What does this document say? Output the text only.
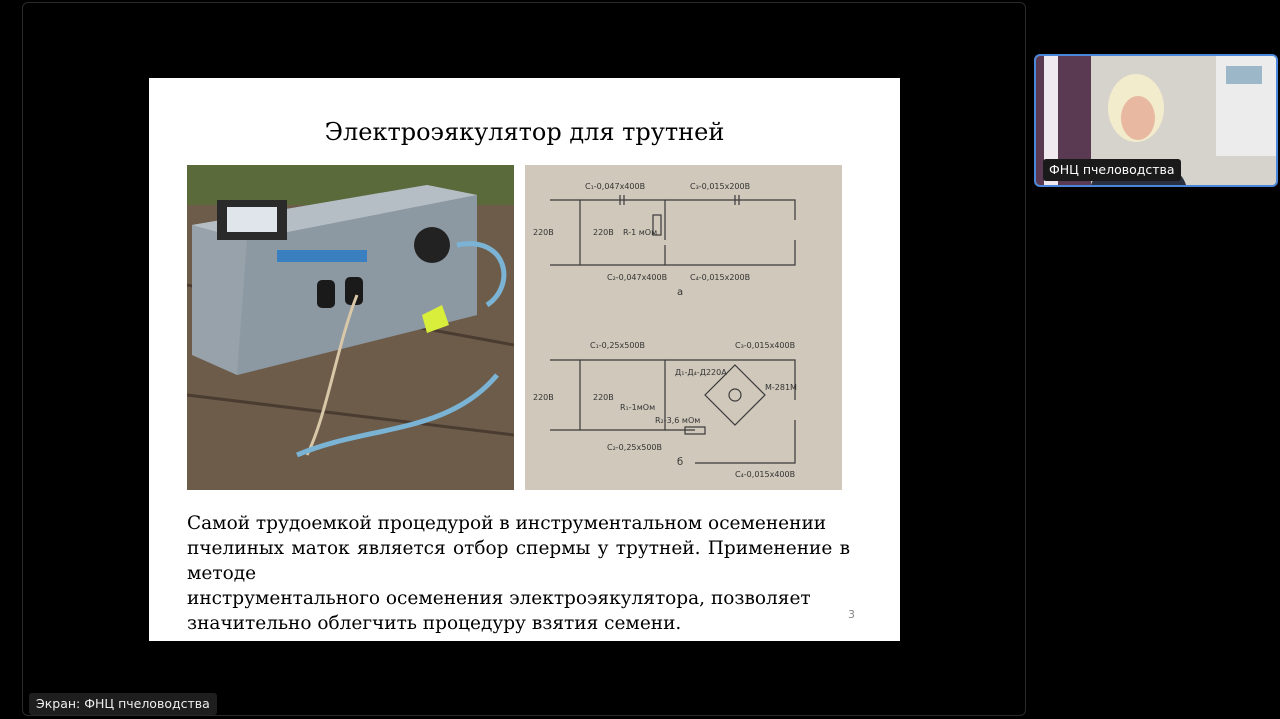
Электроэякулятор для трутней
C₁-0,047x400В	C₃-0,015x200В
220В	220В R-1 мОм
C₂-0,047x400В	C₄-0,015x200В
а
C₁-0,25x500В	C₃-0,015x400В
220В	220В
R₁-1мОм
Д₁-Д₄-Д220А
M-281M
R₂-3,6 мОм
C₂-0,25x500В
C₄-0,015x400В
б
Самой трудоемкой процедурой в инструментальном осеменении
пчелиных маток является отбор спермы у трутней. Применение в методе
инструментального осеменения электроэякулятора, позволяет
значительно облегчить процедуру взятия семени.	3
Экран: ФНЦ пчеловодства
ФНЦ пчеловодства
